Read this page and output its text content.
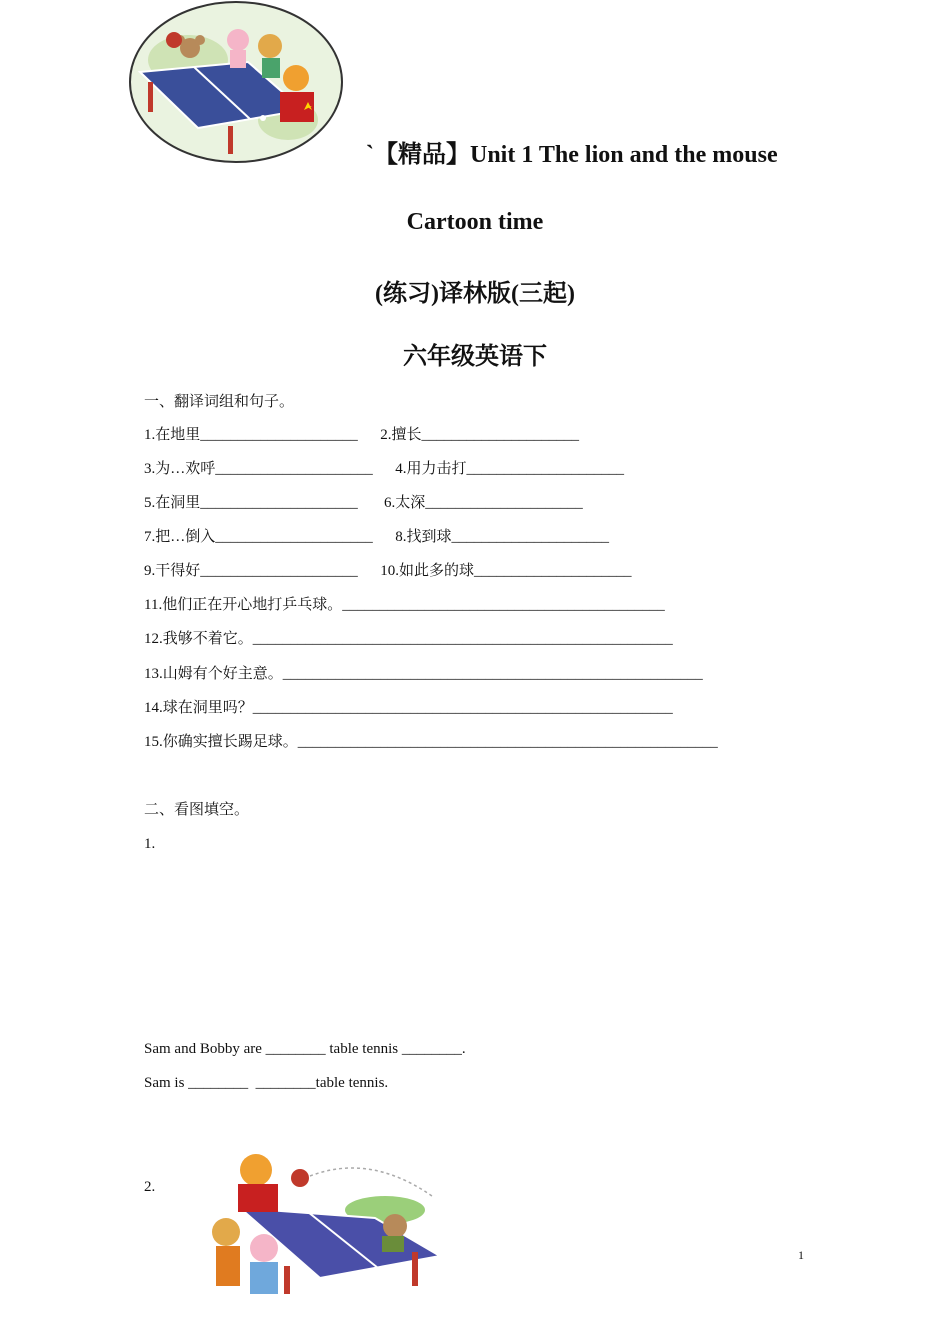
`【精品】Unit 1 The lion and the mouse
Cartoon time
(练习)译林版(三起)
六年级英语下
一、翻译词组和句子。
1.在地里_____________________      2.擅长_____________________
3.为…欢呼_____________________      4.用力击打_____________________
5.在洞里_____________________       6.太深_____________________
7.把…倒入_____________________      8.找到球_____________________
9.干得好_____________________      10.如此多的球_____________________
11.他们正在开心地打乒乓球。___________________________________________
12.我够不着它。________________________________________________________
13.山姆有个好主意。________________________________________________________
14.球在洞里吗？________________________________________________________
15.你确实擅长踢足球。________________________________________________________
二、看图填空。
1.
Sam and Bobby are ________ table tennis ________.
Sam is ________  ________table tennis.
2.
1
